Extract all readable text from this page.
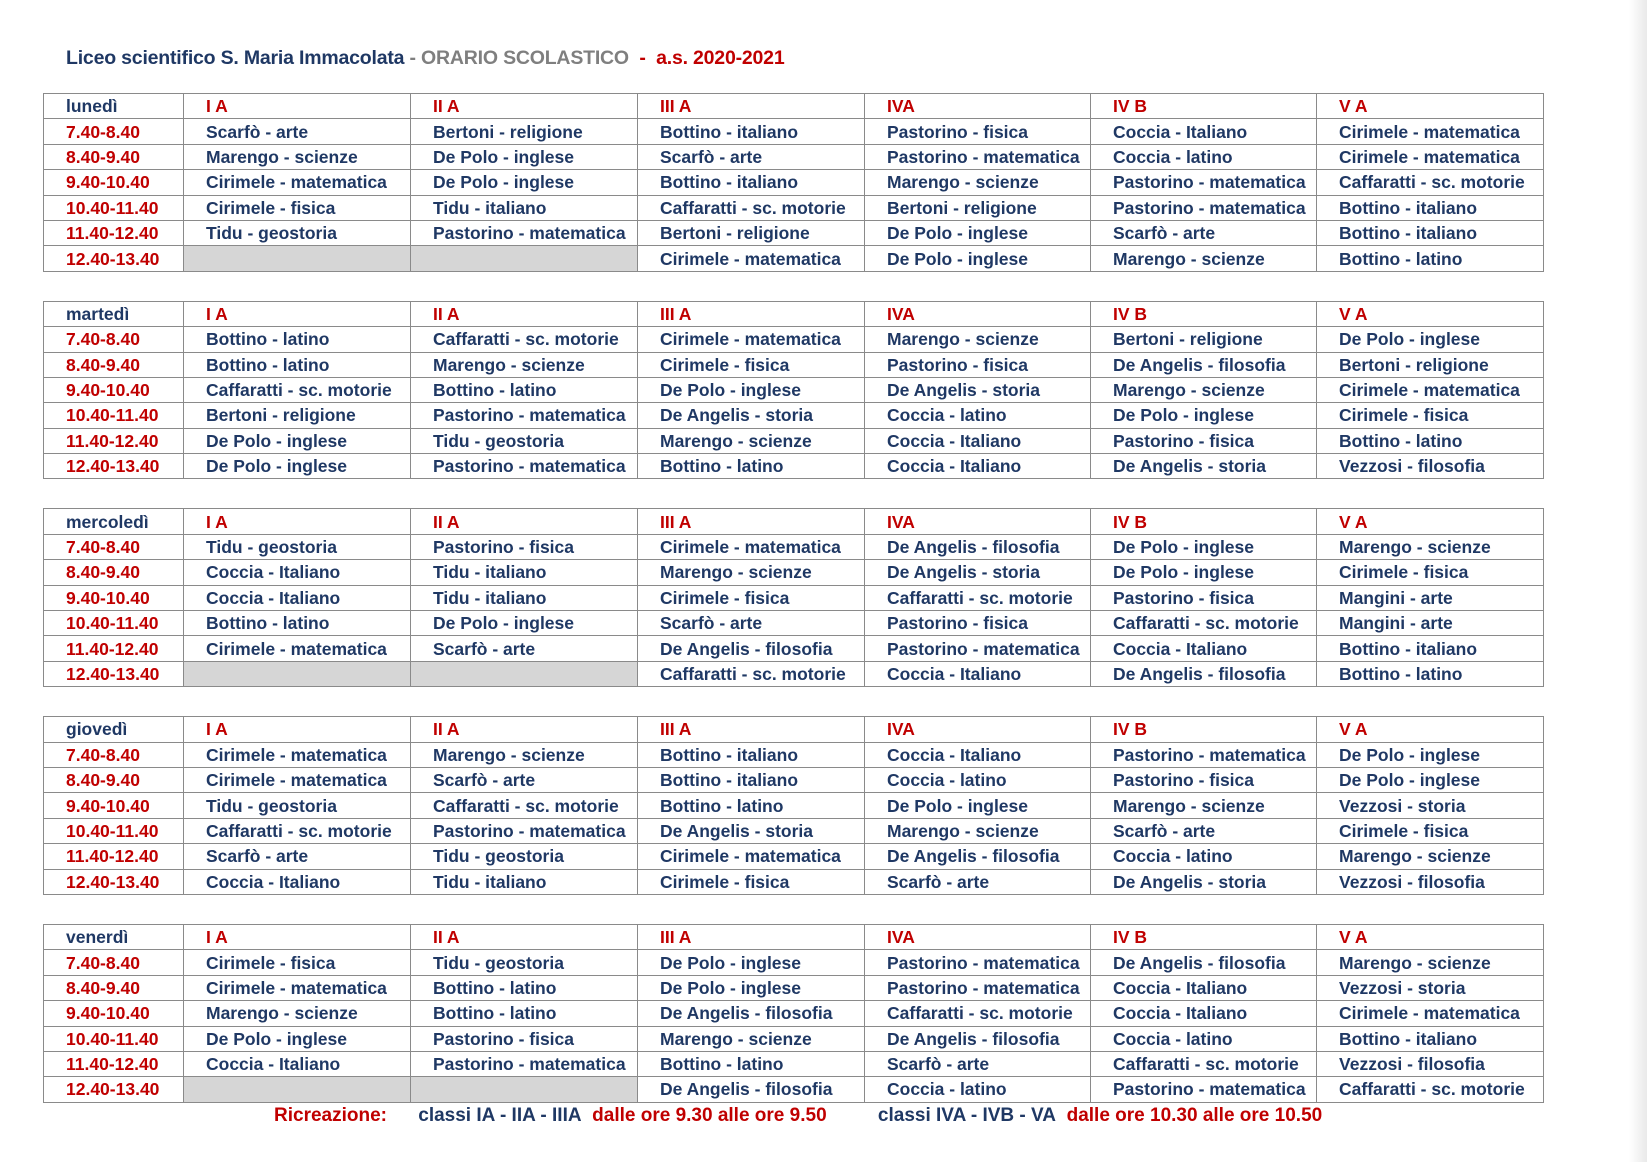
Liceo scientifico S. Maria Immacolata - ORARIO SCOLASTICO  -  a.s. 2020-2021
lunedì	I A	II A	III A	IVA	IV B	V A
7.40-8.40	Scarfò - arte	Bertoni - religione	Bottino - italiano	Pastorino - fisica	Coccia - Italiano	Cirimele - matematica
8.40-9.40	Marengo - scienze	De Polo - inglese	Scarfò - arte	Pastorino - matematica	Coccia - latino	Cirimele - matematica
9.40-10.40	Cirimele - matematica	De Polo - inglese	Bottino - italiano	Marengo - scienze	Pastorino - matematica	Caffaratti - sc. motorie
10.40-11.40	Cirimele - fisica	Tidu - italiano	Caffaratti - sc. motorie	Bertoni - religione	Pastorino - matematica	Bottino - italiano
11.40-12.40	Tidu - geostoria	Pastorino - matematica	Bertoni - religione	De Polo - inglese	Scarfò - arte	Bottino - italiano
12.40-13.40			Cirimele - matematica	De Polo - inglese	Marengo - scienze	Bottino - latino
martedì	I A	II A	III A	IVA	IV B	V A
7.40-8.40	Bottino - latino	Caffaratti - sc. motorie	Cirimele - matematica	Marengo - scienze	Bertoni - religione	De Polo - inglese
8.40-9.40	Bottino - latino	Marengo - scienze	Cirimele - fisica	Pastorino - fisica	De Angelis - filosofia	Bertoni - religione
9.40-10.40	Caffaratti - sc. motorie	Bottino - latino	De Polo - inglese	De Angelis - storia	Marengo - scienze	Cirimele - matematica
10.40-11.40	Bertoni - religione	Pastorino - matematica	De Angelis - storia	Coccia - latino	De Polo - inglese	Cirimele - fisica
11.40-12.40	De Polo - inglese	Tidu - geostoria	Marengo - scienze	Coccia - Italiano	Pastorino - fisica	Bottino - latino
12.40-13.40	De Polo - inglese	Pastorino - matematica	Bottino - latino	Coccia - Italiano	De Angelis - storia	Vezzosi - filosofia
mercoledì	I A	II A	III A	IVA	IV B	V A
7.40-8.40	Tidu - geostoria	Pastorino - fisica	Cirimele - matematica	De Angelis - filosofia	De Polo - inglese	Marengo - scienze
8.40-9.40	Coccia - Italiano	Tidu - italiano	Marengo - scienze	De Angelis - storia	De Polo - inglese	Cirimele - fisica
9.40-10.40	Coccia - Italiano	Tidu - italiano	Cirimele - fisica	Caffaratti - sc. motorie	Pastorino - fisica	Mangini - arte
10.40-11.40	Bottino - latino	De Polo - inglese	Scarfò - arte	Pastorino - fisica	Caffaratti - sc. motorie	Mangini - arte
11.40-12.40	Cirimele - matematica	Scarfò - arte	De Angelis - filosofia	Pastorino - matematica	Coccia - Italiano	Bottino - italiano
12.40-13.40			Caffaratti - sc. motorie	Coccia - Italiano	De Angelis - filosofia	Bottino - latino
giovedì	I A	II A	III A	IVA	IV B	V A
7.40-8.40	Cirimele - matematica	Marengo - scienze	Bottino - italiano	Coccia - Italiano	Pastorino - matematica	De Polo - inglese
8.40-9.40	Cirimele - matematica	Scarfò - arte	Bottino - italiano	Coccia - latino	Pastorino - fisica	De Polo - inglese
9.40-10.40	Tidu - geostoria	Caffaratti - sc. motorie	Bottino - latino	De Polo - inglese	Marengo - scienze	Vezzosi - storia
10.40-11.40	Caffaratti - sc. motorie	Pastorino - matematica	De Angelis - storia	Marengo - scienze	Scarfò - arte	Cirimele - fisica
11.40-12.40	Scarfò - arte	Tidu - geostoria	Cirimele - matematica	De Angelis - filosofia	Coccia - latino	Marengo - scienze
12.40-13.40	Coccia - Italiano	Tidu - italiano	Cirimele - fisica	Scarfò - arte	De Angelis - storia	Vezzosi - filosofia
venerdì	I A	II A	III A	IVA	IV B	V A
7.40-8.40	Cirimele - fisica	Tidu - geostoria	De Polo - inglese	Pastorino - matematica	De Angelis - filosofia	Marengo - scienze
8.40-9.40	Cirimele - matematica	Bottino - latino	De Polo - inglese	Pastorino - matematica	Coccia - Italiano	Vezzosi - storia
9.40-10.40	Marengo - scienze	Bottino - latino	De Angelis - filosofia	Caffaratti - sc. motorie	Coccia - Italiano	Cirimele - matematica
10.40-11.40	De Polo - inglese	Pastorino - fisica	Marengo - scienze	De Angelis - filosofia	Coccia - latino	Bottino - italiano
11.40-12.40	Coccia - Italiano	Pastorino - matematica	Bottino - latino	Scarfò - arte	Caffaratti - sc. motorie	Vezzosi - filosofia
12.40-13.40			De Angelis - filosofia	Coccia - latino	Pastorino - matematica	Caffaratti - sc. motorie
Ricreazione: classi IA - IIA - IIIA dalle ore 9.30 alle ore 9.50	classi IVA - IVB - VA dalle ore 10.30 alle ore 10.50
